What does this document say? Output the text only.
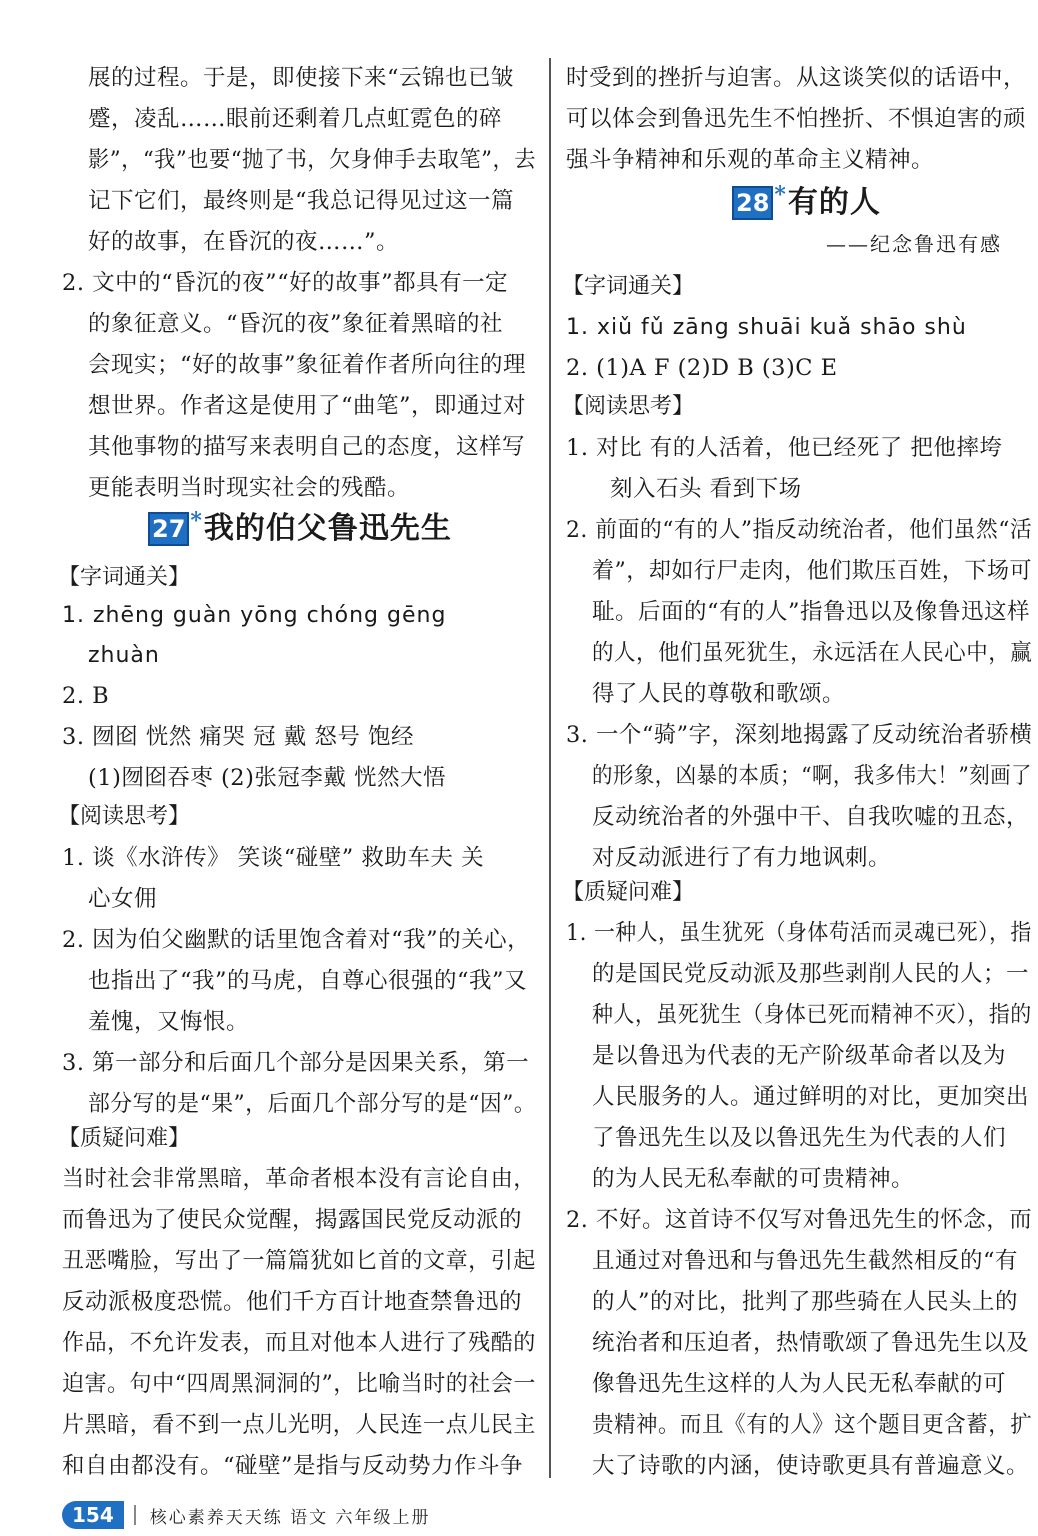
展的过程。于是，即使接下来“云锦也已皱
蹙，凌乱……眼前还剩着几点虹霓色的碎
影”，“我”也要“抛了书，欠身伸手去取笔”，去
记下它们，最终则是“我总记得见过这一篇
好的故事，在昏沉的夜……”。
2. 文中的“昏沉的夜”“好的故事”都具有一定
的象征意义。“昏沉的夜”象征着黑暗的社
会现实；“好的故事”象征着作者所向往的理
想世界。作者这是使用了“曲笔”，即通过对
其他事物的描写来表明自己的态度，这样写
更能表明当时现实社会的残酷。
27 * 我的伯父鲁迅先生
【字词通关】
1. zhēng guàn yōng chóng gēng
zhuàn
2. B
3. 囫囵 恍然 痛哭 冠 戴 怒号 饱经
(1)囫囵吞枣 (2)张冠李戴 恍然大悟
【阅读思考】
1. 谈《水浒传》 笑谈“碰壁” 救助车夫 关
心女佣
2. 因为伯父幽默的话里饱含着对“我”的关心，
也指出了“我”的马虎，自尊心很强的“我”又
羞愧，又悔恨。
3. 第一部分和后面几个部分是因果关系，第一
部分写的是“果”，后面几个部分写的是“因”。
【质疑问难】
当时社会非常黑暗，革命者根本没有言论自由，
而鲁迅为了使民众觉醒，揭露国民党反动派的
丑恶嘴脸，写出了一篇篇犹如匕首的文章，引起
反动派极度恐慌。他们千方百计地查禁鲁迅的
作品，不允许发表，而且对他本人进行了残酷的
迫害。句中“四周黑洞洞的”，比喻当时的社会一
片黑暗，看不到一点儿光明，人民连一点儿民主
和自由都没有。“碰壁”是指与反动势力作斗争
时受到的挫折与迫害。从这谈笑似的话语中，
可以体会到鲁迅先生不怕挫折、不惧迫害的顽
强斗争精神和乐观的革命主义精神。
28 * 有的人
——纪念鲁迅有感
【字词通关】
1. xiǔ fǔ zāng shuāi kuǎ shāo shù
2. (1)A F (2)D B (3)C E
【阅读思考】
1. 对比 有的人活着，他已经死了 把他摔垮
刻入石头 看到下场
2. 前面的“有的人”指反动统治者，他们虽然“活
着”，却如行尸走肉，他们欺压百姓，下场可
耻。后面的“有的人”指鲁迅以及像鲁迅这样
的人，他们虽死犹生，永远活在人民心中，赢
得了人民的尊敬和歌颂。
3. 一个“骑”字，深刻地揭露了反动统治者骄横
的形象，凶暴的本质；“啊，我多伟大！”刻画了
反动统治者的外强中干、自我吹嘘的丑态，
对反动派进行了有力地讽刺。
【质疑问难】
1. 一种人，虽生犹死（身体苟活而灵魂已死），指
的是国民党反动派及那些剥削人民的人；一
种人，虽死犹生（身体已死而精神不灭），指的
是以鲁迅为代表的无产阶级革命者以及为
人民服务的人。通过鲜明的对比，更加突出
了鲁迅先生以及以鲁迅先生为代表的人们
的为人民无私奉献的可贵精神。
2. 不好。这首诗不仅写对鲁迅先生的怀念，而
且通过对鲁迅和与鲁迅先生截然相反的“有
的人”的对比，批判了那些骑在人民头上的
统治者和压迫者，热情歌颂了鲁迅先生以及
像鲁迅先生这样的人为人民无私奉献的可
贵精神。而且《有的人》这个题目更含蓄，扩
大了诗歌的内涵，使诗歌更具有普遍意义。
154	核心素养天天练 语文 六年级上册
